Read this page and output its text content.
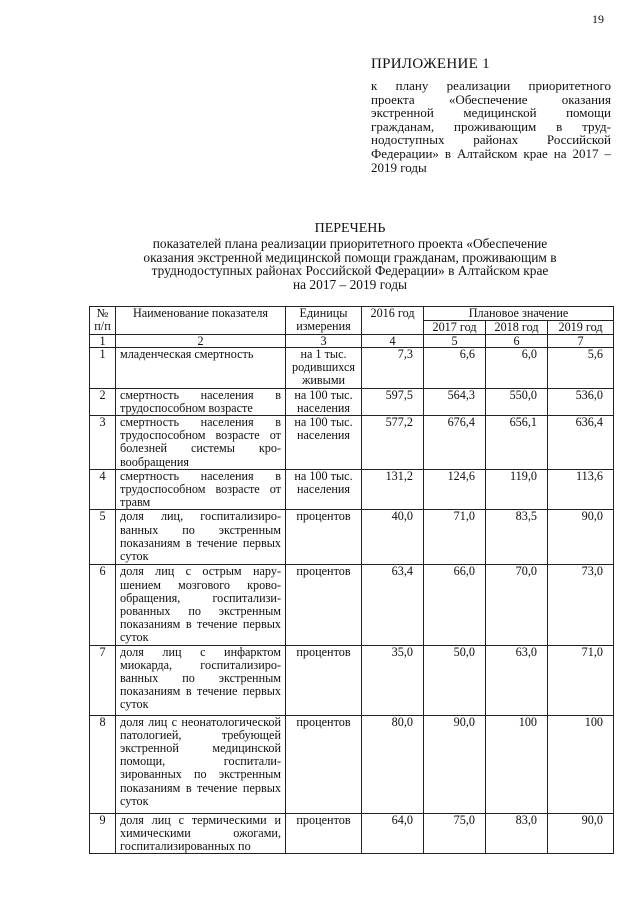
19
ПРИЛОЖЕНИЕ 1
к плану реализации приоритетного проекта «Обеспечение оказания экстренной медицинской помощи гражданам, проживающим в труднодоступных районах Российской Федерации» в Алтайском крае на 2017 – 2019 годы
ПЕРЕЧЕНЬ
показателей плана реализации приоритетного проекта «Обеспечение
оказания экстренной медицинской помощи гражданам, проживающим в
труднодоступных районах Российской Федерации» в Алтайском крае
на 2017 – 2019 годы
№ п/п	Наименование показателя	Единицы измерения	2016 год	Плановое значение		
				2017 год	2018 год	2019 год
1	2	3	4	5	6	7
1	младенческая смертность	на 1 тыс. родившихся живыми	7,3	6,6	6,0	5,6
2	смертность населения в трудоспособном возрасте	на 100 тыс. населения	597,5	564,3	550,0	536,0
3	смертность населения в трудоспособном возрасте от болезней системы кровообращения	на 100 тыс. населения	577,2	676,4	656,1	636,4
4	смертность населения в трудоспособном возрасте от травм	на 100 тыс. населения	131,2	124,6	119,0	113,6
5	доля лиц, госпитализированных по экстренным показаниям в течение первых суток	процентов	40,0	71,0	83,5	90,0
6	доля лиц с острым нарушением мозгового кровообращения, госпитализированных по экстренным показаниям в течение первых суток	процентов	63,4	66,0	70,0	73,0
7	доля лиц с инфарктом миокарда, госпитализированных по экстренным показаниям в течение первых суток	процентов	35,0	50,0	63,0	71,0
8	доля лиц с неонатологической патологией, требующей экстренной медицинской помощи, госпитализированных по экстренным показаниям в течение первых суток	процентов	80,0	90,0	100	100
9	доля лиц с термическими и химическими ожогами, госпитализированных по	процентов	64,0	75,0	83,0	90,0
